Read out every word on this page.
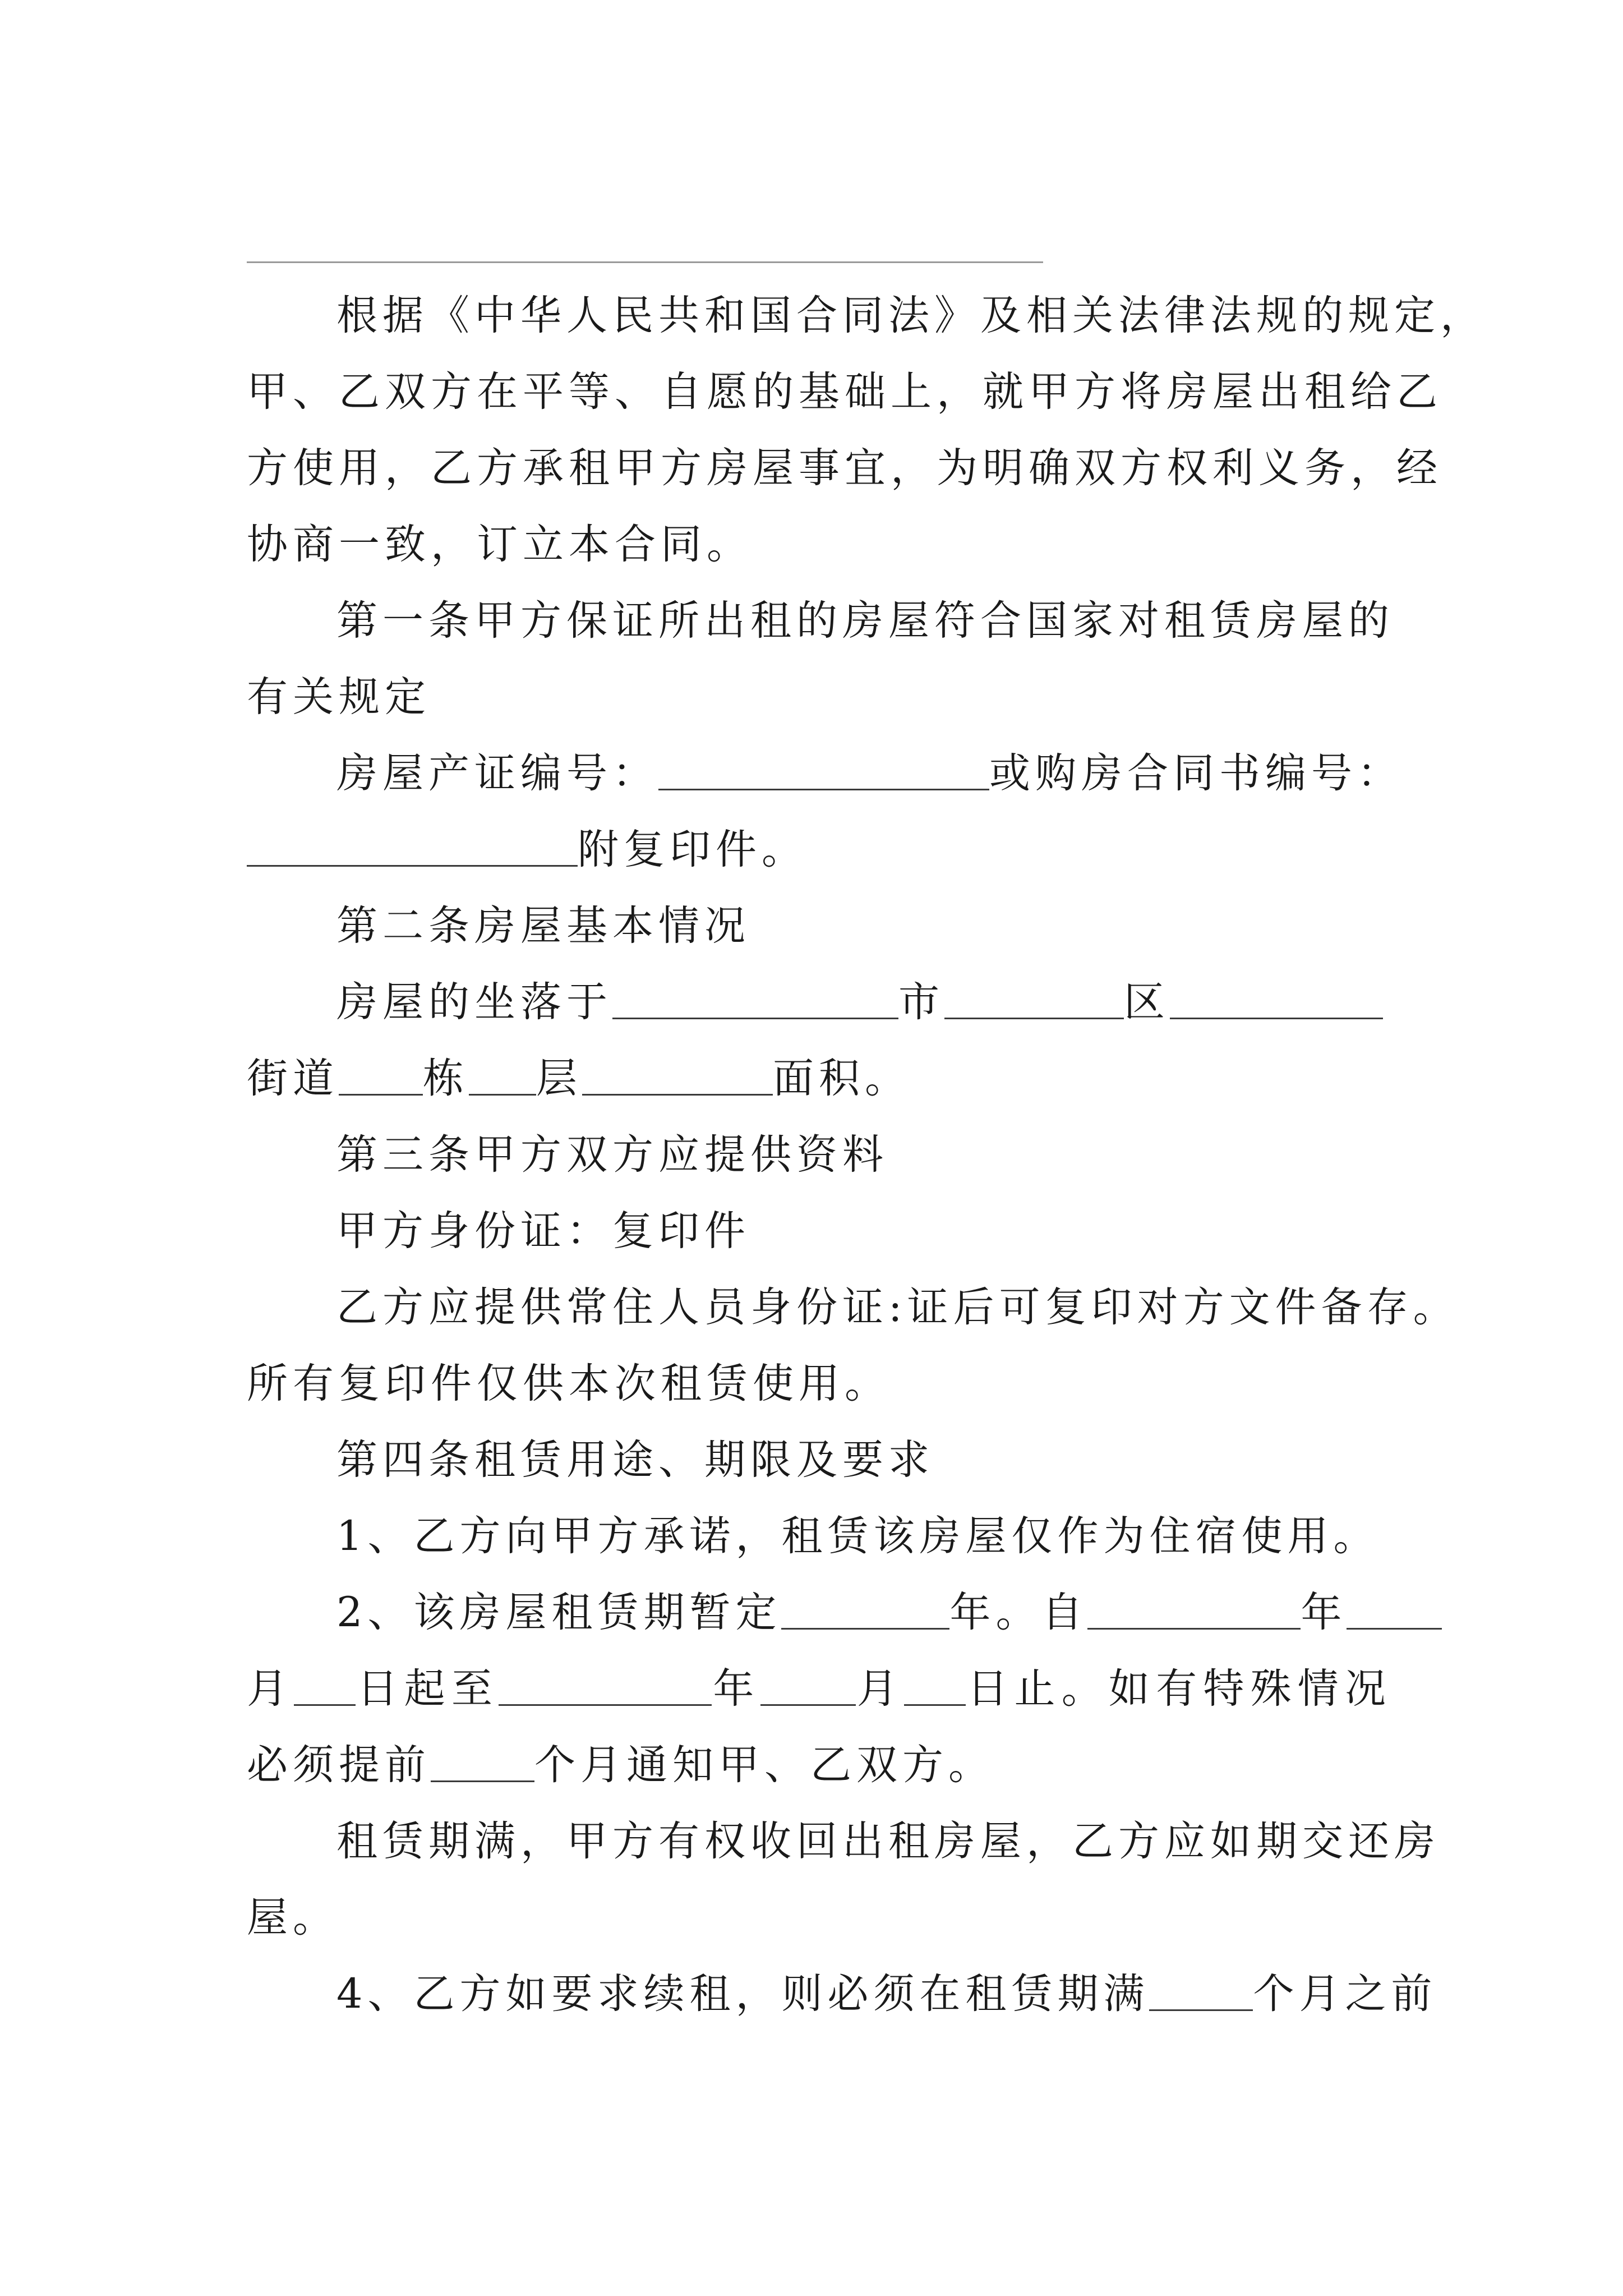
根据《中华人民共和国合同法》及相关法律法规的规定，
甲、乙双方在平等、自愿的基础上，就甲方将房屋出租给乙
方使用，乙方承租甲方房屋事宜，为明确双方权利义务，经
协商一致，订立本合同。
第一条甲方保证所出租的房屋符合国家对租赁房屋的
有关规定
房屋产证编号：	或购房合同书编号：
附复印件。
第二条房屋基本情况
房屋的坐落于	市	区
街道 栋 层	面积。
第三条甲方双方应提供资料
甲方身份证：复印件
乙方应提供常住人员身份证:证后可复印对方文件备存。
所有复印件仅供本次租赁使用。
第四条租赁用途、期限及要求
1、乙方向甲方承诺，租赁该房屋仅作为住宿使用。
2、该房屋租赁期暂定	年。自	年
月 日起至	年 月 日止。如有特殊情况
必须提前	个月通知甲、乙双方。
租赁期满，甲方有权收回出租房屋，乙方应如期交还房
屋。
4、乙方如要求续租，则必须在租赁期满	个月之前
